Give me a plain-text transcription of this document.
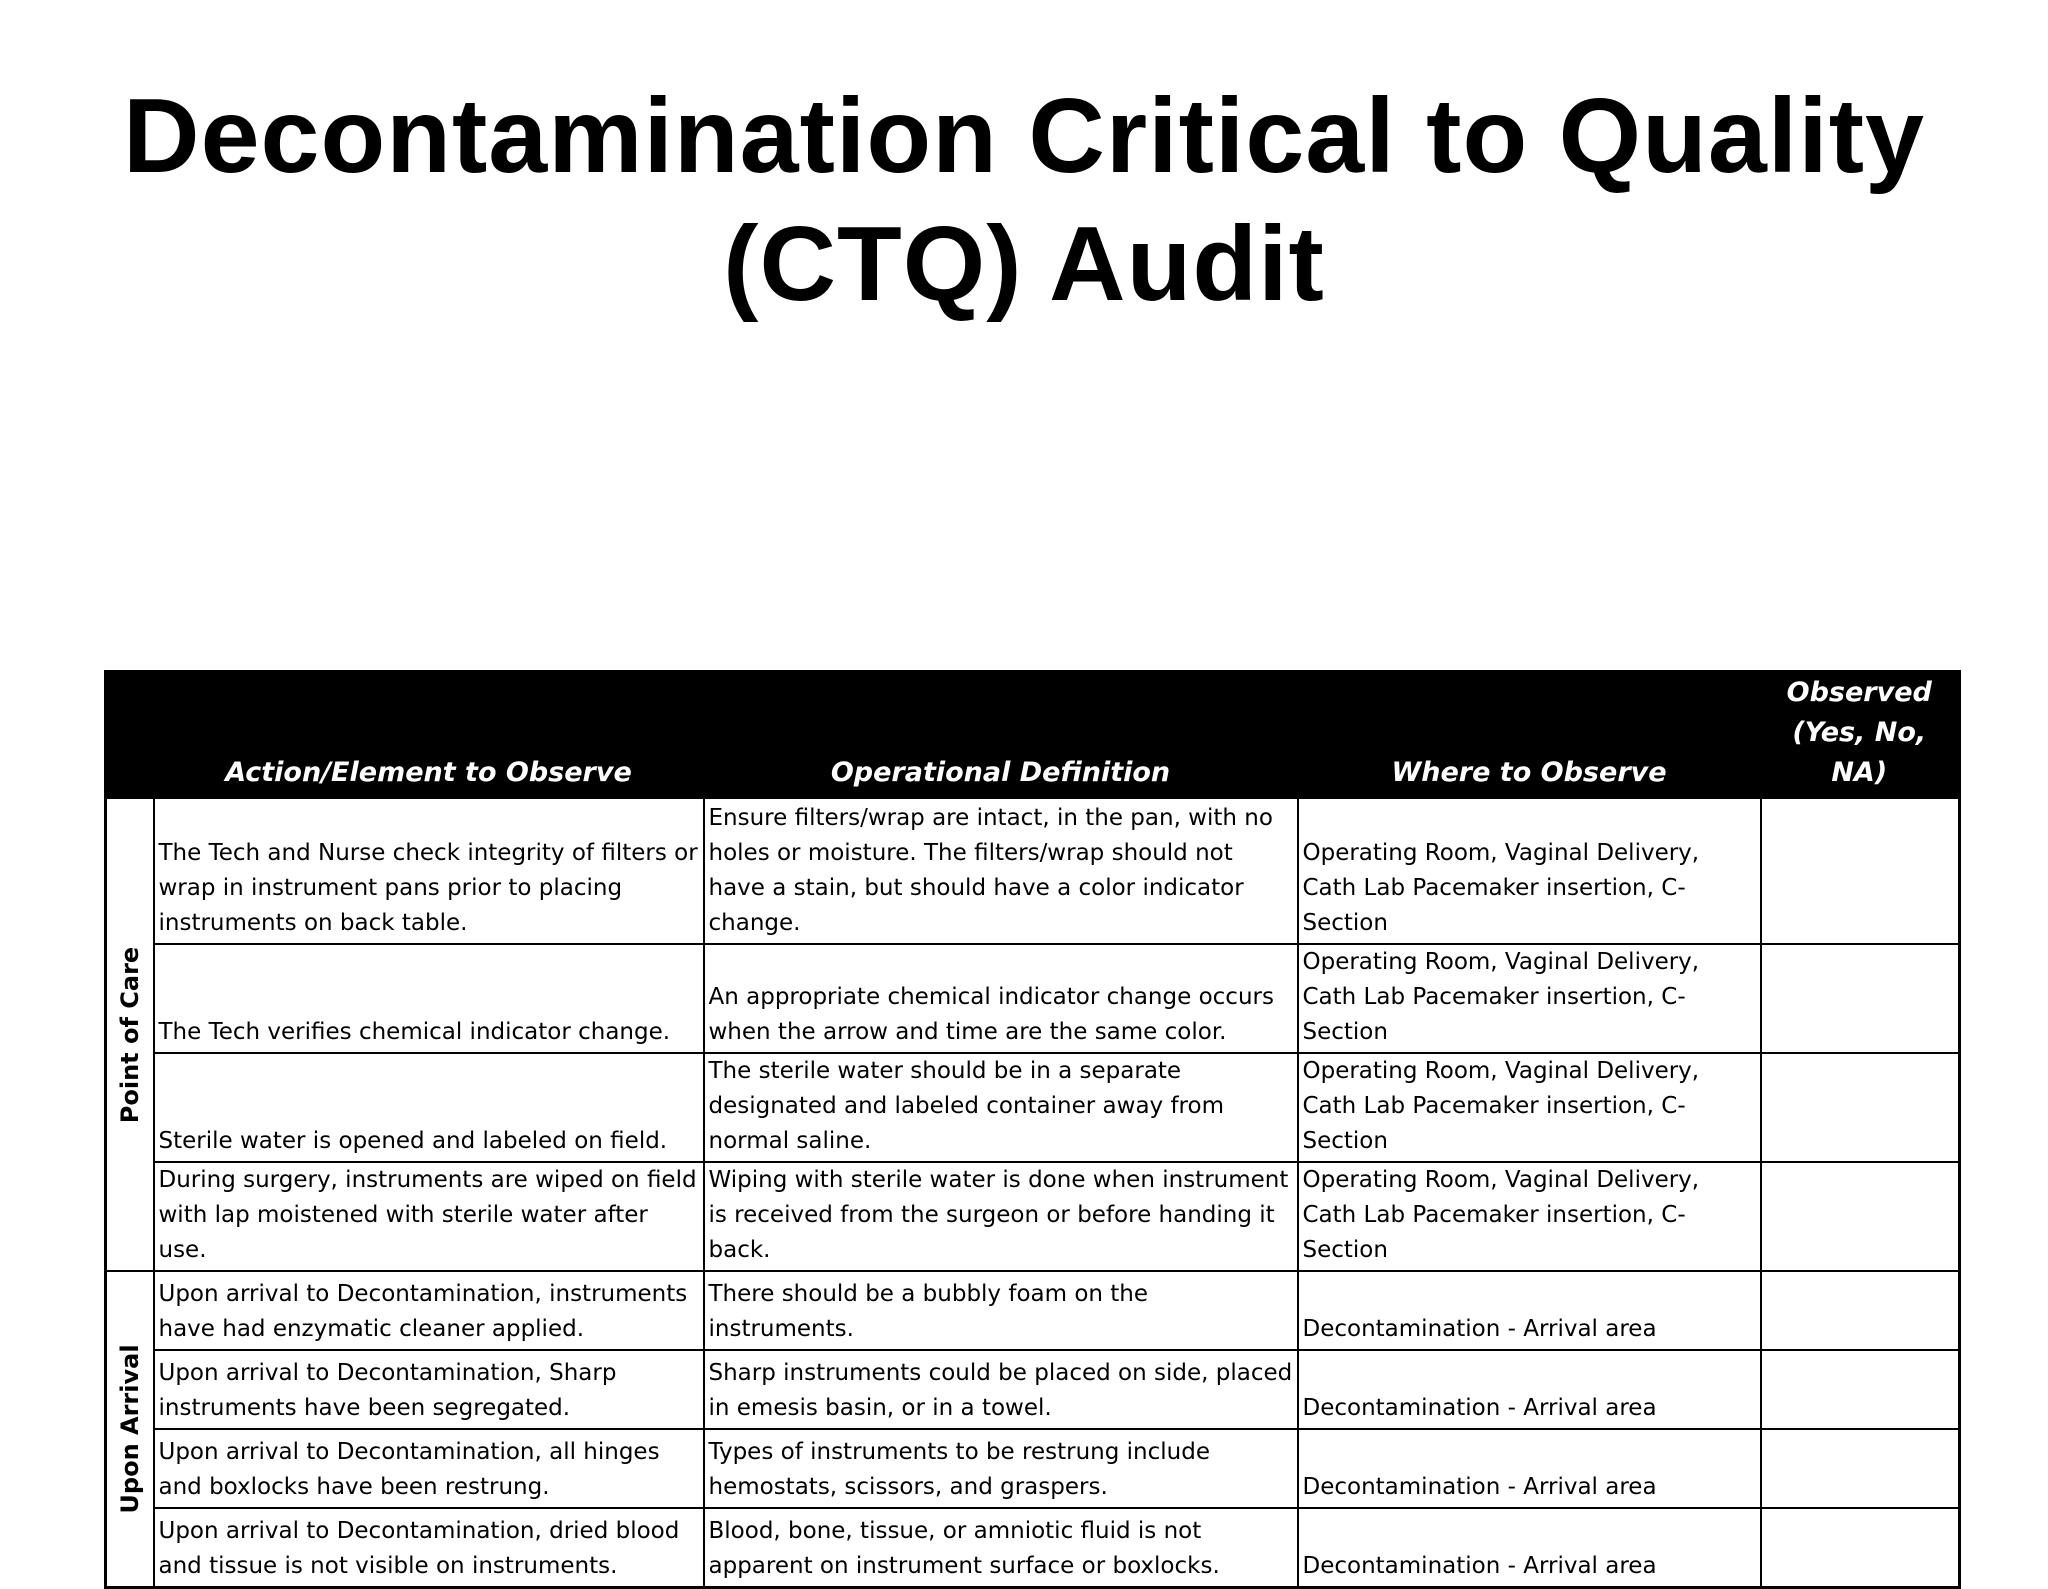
Decontamination Critical to Quality
(CTQ) Audit
	Action/Element to Observe	Operational Definition	Where to Observe	Observed
(Yes, No, NA)

Point of Care	The Tech and Nurse check integrity of filters or wrap in instrument pans prior to placing instruments on back table.	Ensure filters/wrap are intact, in the pan, with no holes or moisture. The filters/wrap should not have a stain, but should have a color indicator change.	Operating Room, Vaginal Delivery, Cath Lab Pacemaker insertion, C-Section	
	The Tech verifies chemical indicator change.	An appropriate chemical indicator change occurs when the arrow and time are the same color.	Operating Room, Vaginal Delivery, Cath Lab Pacemaker insertion, C-Section	
	Sterile water is opened and labeled on field.	The sterile water should be in a separate designated and labeled container away from normal saline.	Operating Room, Vaginal Delivery, Cath Lab Pacemaker insertion, C-Section	
	During surgery, instruments are wiped on field with lap moistened with sterile water after use.	Wiping with sterile water is done when instrument is received from the surgeon or before handing it back.	Operating Room, Vaginal Delivery, Cath Lab Pacemaker insertion, C-Section	

Upon Arrival	Upon arrival to Decontamination, instruments have had enzymatic cleaner applied.	There should be a bubbly foam on the instruments.	Decontamination - Arrival area	
	Upon arrival to Decontamination, Sharp instruments have been segregated.	Sharp instruments could be placed on side, placed in emesis basin, or in a towel.	Decontamination - Arrival area	
	Upon arrival to Decontamination, all hinges and boxlocks have been restrung.	Types of instruments to be restrung include hemostats, scissors, and graspers.	Decontamination - Arrival area	
	Upon arrival to Decontamination, dried blood and tissue is not visible on instruments.	Blood, bone, tissue, or amniotic fluid is not apparent on instrument surface or boxlocks.	Decontamination - Arrival area	
